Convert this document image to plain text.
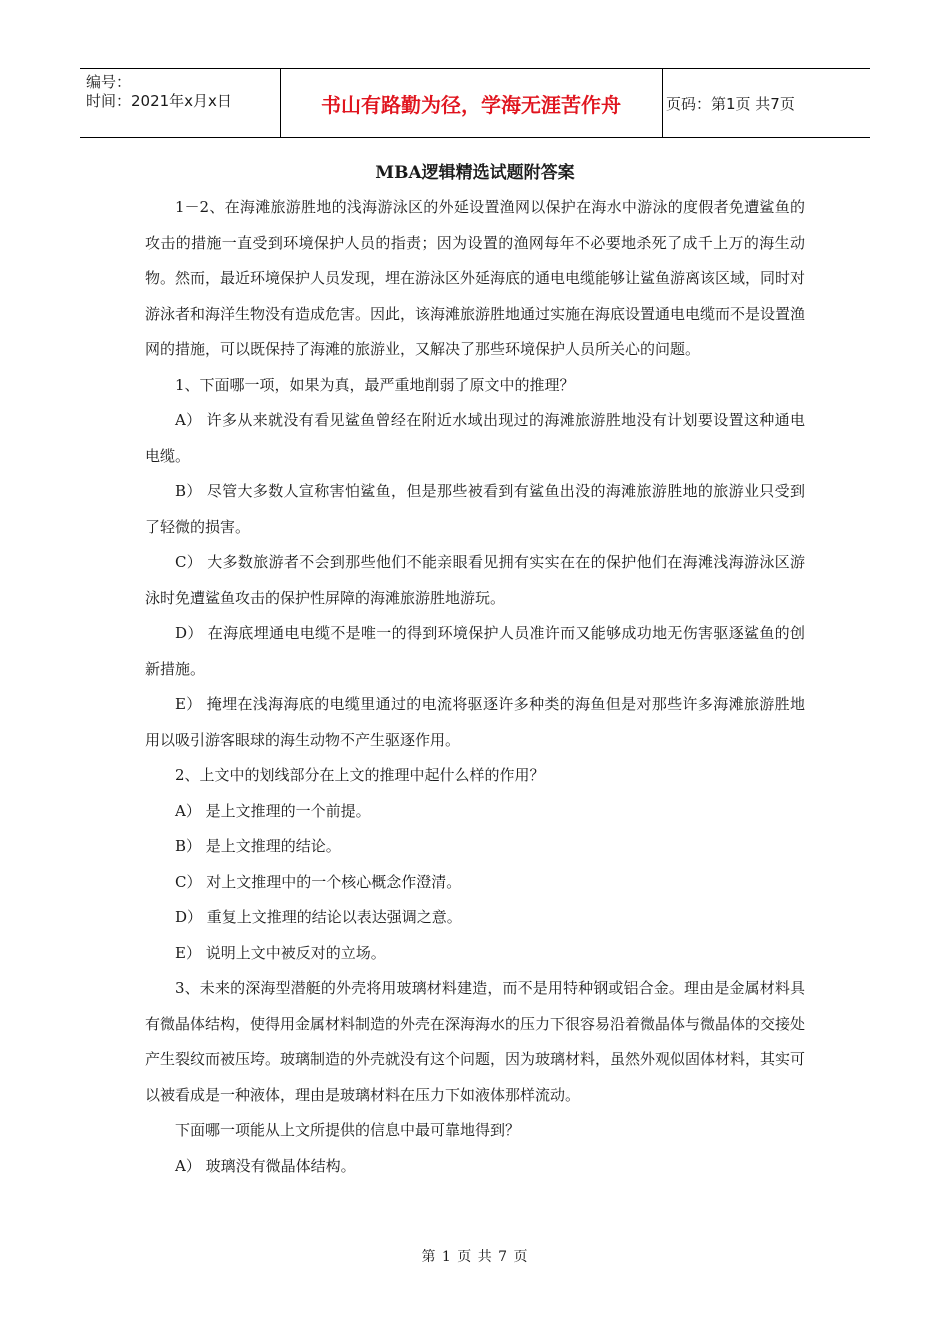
编号：
时间：2021年x月x日	书山有路勤为径，学海无涯苦作舟	页码：第1页 共7页
MBA逻辑精选试题附答案

1－2、在海滩旅游胜地的浅海游泳区的外延设置渔网以保护在海水中游泳的度假者免遭鲨鱼的攻击的措施一直受到环境保护人员的指责；因为设置的渔网每年不必要地杀死了成千上万的海生动物。然而，最近环境保护人员发现，埋在游泳区外延海底的通电电缆能够让鲨鱼游离该区域，同时对游泳者和海洋生物没有造成危害。因此，该海滩旅游胜地通过实施在海底设置通电电缆而不是设置渔网的措施，可以既保持了海滩的旅游业，又解决了那些环境保护人员所关心的问题。

1、下面哪一项，如果为真，最严重地削弱了原文中的推理？

A） 许多从来就没有看见鲨鱼曾经在附近水域出现过的海滩旅游胜地没有计划要设置这种通电电缆。

B） 尽管大多数人宣称害怕鲨鱼，但是那些被看到有鲨鱼出没的海滩旅游胜地的旅游业只受到了轻微的损害。

C） 大多数旅游者不会到那些他们不能亲眼看见拥有实实在在的保护他们在海滩浅海游泳区游泳时免遭鲨鱼攻击的保护性屏障的海滩旅游胜地游玩。

D） 在海底埋通电电缆不是唯一的得到环境保护人员准许而又能够成功地无伤害驱逐鲨鱼的创新措施。

E） 掩埋在浅海海底的电缆里通过的电流将驱逐许多种类的海鱼但是对那些许多海滩旅游胜地用以吸引游客眼球的海生动物不产生驱逐作用。

2、上文中的划线部分在上文的推理中起什么样的作用？

A） 是上文推理的一个前提。

B） 是上文推理的结论。

C） 对上文推理中的一个核心概念作澄清。

D） 重复上文推理的结论以表达强调之意。

E） 说明上文中被反对的立场。

3、未来的深海型潜艇的外壳将用玻璃材料建造，而不是用特种钢或铝合金。理由是金属材料具有微晶体结构，使得用金属材料制造的外壳在深海海水的压力下很容易沿着微晶体与微晶体的交接处产生裂纹而被压垮。玻璃制造的外壳就没有这个问题，因为玻璃材料，虽然外观似固体材料，其实可以被看成是一种液体，理由是玻璃材料在压力下如液体那样流动。

下面哪一项能从上文所提供的信息中最可靠地得到？

A） 玻璃没有微晶体结构。

第 1 页 共 7 页
